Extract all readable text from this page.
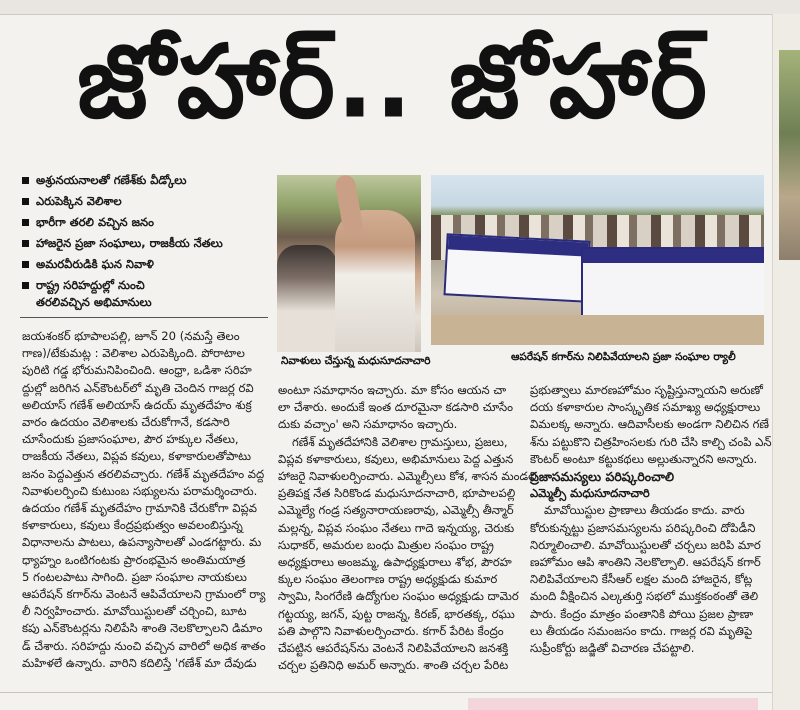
జోహార్.. జోహార్
అశ్రునయనాలతో గణేశ్‌కు వీడ్కోలు
ఎరుపెక్కిన వెలిశాల
భారీగా తరలి వచ్చిన జనం
హాజరైన ప్రజా సంఘాలు, రాజకీయ నేతలు
అమరవీరుడికి ఘన నివాళి
రాష్ట్ర సరిహద్దుల్లో నుంచి
తరలివచ్చిన అభిమానులు
నివాళులు చేస్తున్న మధుసూదనాచారి	ఆపరేషన్ కగార్‌ను నిలిపివేయాలని ప్రజా సంఘాల ర్యాలీ

జయశంకర్ భూపాలపల్లి, జూన్ 20 (నమస్తే తెలం

గాణ)/టేకుమట్ల : వెలిశాల ఎరుపెక్కింది. పోరాటాల

పురిటి గడ్డ భోరుమనిపించింది. ఆంధ్రా, ఒడిశా సరిహ

ద్దుల్లో జరిగిన ఎన్‌కౌంటర్‌లో మృతి చెందిన గాజర్ల రవి

అలియాస్ గణేశ్ అలియాస్ ఉదయ్ మృతదేహం శుక్ర

వారం ఉదయం వెలిశాలకు చేరుకోగానే, కడసారి

చూసేందుకు ప్రజాసంఘాల, పౌర హక్కుల నేతలు,

రాజకీయ నేతలు, విప్లవ కవులు, కళాకారులతోపాటు

జనం పెద్దఎత్తున తరలివచ్చారు. గణేశ్ మృతదేహం వద్ద

నివాళులర్పించి కుటుంబ సభ్యులను పరామర్శించారు.

ఉదయం గణేశ్ మృతదేహం గ్రామానికి చేరుకోగా విప్లవ

కళాకారులు, కవులు కేంద్రప్రభుత్వం అవలంబిస్తున్న

విధానాలను పాటలు, ఉపన్యాసాలతో ఎండగట్టారు. మ

ధ్యాహ్నం ఒంటిగంటకు ప్రారంభమైన అంతిమయాత్ర

5 గంటలపాటు సాగింది. ప్రజా సంఘాల నాయకులు

ఆపరేషన్ కగార్‌ను వెంటనే ఆపివేయాలని గ్రామంలో ర్యా

లీ నిర్వహించారు. మావోయిస్టులతో చర్చించి, బూట

కపు ఎన్‌కౌంటర్లను నిలిపేసి శాంతి నెలకొల్పాలని డిమాం

డ్ చేశారు. సరిహద్దు నుంచి వచ్చిన వారిలో అధిక శాతం

మహిళలే ఉన్నారు. వారిని కదిలిస్తే 'గణేశ్ మా దేవుడు

అంటూ సమాధానం ఇచ్చారు. మా కోసం ఆయన చా

లా చేశారు. అందుకే ఇంత దూరమైనా కడసారి చూసేం

దుకు వచ్చాం' అని సమాధానం ఇచ్చారు.

గణేశ్ మృతదేహానికి వెలిశాల గ్రామస్తులు, ప్రజలు,

విప్లవ కళాకారులు, కవులు, అభిమానులు పెద్ద ఎత్తున

హాజరై నివాళులర్పించారు. ఎమ్మెల్సీలు కోశ, శాసన మండలి

ప్రతిపక్ష నేత సిరికొండ మధుసూదనాచారి, భూపాలపల్లి

ఎమ్మెల్యే గండ్ర సత్యనారాయణరావు, ఎమ్మెల్సీ తీన్మార్

మల్లన్న, విప్లవ సంఘం నేతలు గాదె ఇన్నయ్య, చెరుకు

సుధాకర్, అమరుల బంధు మిత్రుల సంఘం రాష్ట్ర

అధ్యక్షురాలు అంజమ్మ, ఉపాధ్యక్షురాలు శోభ, పౌరహ

క్కుల సంఘం తెలంగాణ రాష్ట్ర అధ్యక్షుడు కుమార

స్వామి, సింగరేణి ఉద్యోగుల సంఘం అధ్యక్షుడు దామెర

గట్టయ్య, జగన్, పుట్ట రాజన్న, కిరణ్, భారతక్క, రఘు

పతి పాల్గొని నివాళులర్పించారు. కగార్ పేరిట కేంద్రం

చేపట్టిన ఆపరేషన్‌ను వెంటనే నిలిపివేయాలని జనశక్తి

చర్చల ప్రతినిధి అమర్ అన్నారు. శాంతి చర్చల పేరిట

ప్రభుత్వాలు మారణహోమం సృష్టిస్తున్నాయని అరుణో

దయ కళాకారుల సాంస్కృతిక సమాఖ్య అధ్యక్షురాలు

విమలక్క అన్నారు. ఆదివాసీలకు అండగా నిలిచిన గణే

శ్‌ను పట్టుకొని చిత్రహింసలకు గురి చేసి కాల్చి చంపి ఎన్

కౌంటర్ అంటూ కట్టుకథలు అల్లుతున్నారని అన్నారు.

ప్రజాసమస్యలు పరిష్కరించాలి

ఎమ్మెల్సీ మధుసూదనాచారి

మావోయిస్టుల ప్రాణాలు తీయడం కాదు. వారు

కోరుకున్నట్టు ప్రజాసమస్యలను పరిష్కరించి దోపిడీని

నిర్మూలించాలి. మావోయిస్టులతో చర్చలు జరిపి మార

ణహోమం ఆపి శాంతిని నెలకొల్పాలి. ఆపరేషన్ కగార్

నిలిపివేయాలని కేసీఆర్ లక్షల మంది హాజరైన, కోట్ల

మంది వీక్షించిన ఎల్కతుర్తి సభలో ముక్తకంఠంతో తెలి

పారు. కేంద్రం మాత్రం పంతానికి పోయి ప్రజల ప్రాణా

లు తీయడం సమంజసం కాదు. గాజర్ల రవి మృతిపై

సుప్రీంకోర్టు జడ్జితో విచారణ చేపట్టాలి.
